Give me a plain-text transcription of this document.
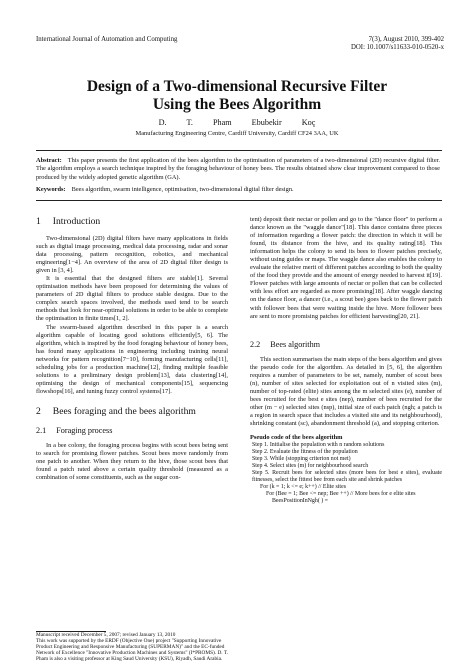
International Journal of Automation and Computing	7(3), August 2010, 399-402
DOI: 10.1007/s11633-010-0520-x
Design of a Two-dimensional Recursive Filter
Using the Bees Algorithm
D. T. Pham Ebubekir Koç
Manufacturing Engineering Centre, Cardiff University, Cardiff CF24 3AA, UK
Abstract: This paper presents the first application of the bees algorithm to the optimisation of parameters of a two-dimensional (2D) recursive digital filter. The algorithm employs a search technique inspired by the foraging behaviour of honey bees. The results obtained show clear improvement compared to those produced by the widely adopted genetic algorithm (GA).
Keywords: Bees algorithm, swarm intelligence, optimisation, two-dimensional digital filter design.
1 Introduction

Two-dimensional (2D) digital filters have many applications in fields such as digital image processing, medical data processing, radar and sonar data processing, pattern recognition, robotics, and mechanical engineering[1−4]. An overview of the area of 2D digital filter design is given in [3, 4].

It is essential that the designed filters are stable[1]. Several optimisation methods have been proposed for determining the values of parameters of 2D digital filters to produce stable designs. Due to the complex search spaces involved, the methods used tend to be search methods that look for near-optimal solutions in order to be able to complete the optimisation in finite times[1, 2].

The swarm-based algorithm described in this paper is a search algorithm capable of locating good solutions efficiently[5, 6]. The algorithm, which is inspired by the food foraging behaviour of honey bees, has found many applications in engineering including training neural networks for pattern recognition[7−10], forming manufacturing cells[11], scheduling jobs for a production machine[12], finding multiple feasible solutions to a preliminary design problem[13], data clustering[14], optimising the design of mechanical components[15], sequencing flowshops[16], and tuning fuzzy control systems[17].

2 Bees foraging and the bees algorithm
2.1 Foraging process

In a bee colony, the foraging process begins with scout bees being sent to search for promising flower patches. Scout bees move randomly from one patch to another. When they return to the hive, those scout bees that found a patch rated above a certain quality threshold (measured as a combination of some constituents, such as the sugar con-

Manuscript received December 5, 2007; revised January 13, 2010
This work was supported by the ERDF (Objective One) project "Supporting Innovative Product Engineering and Responsive Manufacturing (SUPERMAN)" and the EC-funded Network of Excellence "Innovative Production Machines and Systems" (I*PROMS). D. T. Pham is also a visiting professor at King Saud University (KSU), Riyadh, Saudi Arabia.

tent) deposit their nectar or pollen and go to the "dance floor" to perform a dance known as the "waggle dance"[18]. This dance contains three pieces of information regarding a flower patch: the direction in which it will be found, its distance from the hive, and its quality rating[18]. This information helps the colony to send its bees to flower patches precisely, without using guides or maps. The waggle dance also enables the colony to evaluate the relative merit of different patches according to both the quality of the food they provide and the amount of energy needed to harvest it[19]. Flower patches with large amounts of nectar or pollen that can be collected with less effort are regarded as more promising[18]. After waggle dancing on the dance floor, a dancer (i.e., a scout bee) goes back to the flower patch with follower bees that were waiting inside the hive. More follower bees are sent to more promising patches for efficient harvesting[20, 21].

2.2 Bees algorithm

This section summarises the main steps of the bees algorithm and gives the pseudo code for the algorithm. As detailed in [5, 6], the algorithm requires a number of parameters to be set, namely, number of scout bees (n), number of sites selected for exploitation out of n visited sites (m), number of top-rated (elite) sites among the m selected sites (e), number of bees recruited for the best e sites (nep), number of bees recruited for the other (m − e) selected sites (nsp), initial size of each patch (ngh; a patch is a region in search space that includes a visited site and its neighbourhood), shrinking constant (sc), abandonment threshold (a), and stopping criterion.

Pseudo code of the bees algorithm
Step 1. Initialise the population with n random solutions
Step 2. Evaluate the fitness of the population
Step 3. While (stopping criterion not met)
Step 4. Select sites (m) for neighbourhood search
Step 5. Recruit bees for selected sites (more bees for best e sites), evaluate fitnesses, select the fittest bee from each site and shrink patches
For (k = 1; k <= e; k++) // Elite sites
For (Bee = 1; Bee <= nep; Bee ++) // More bees for e elite sites
BeesPositionInNgh( ) =
